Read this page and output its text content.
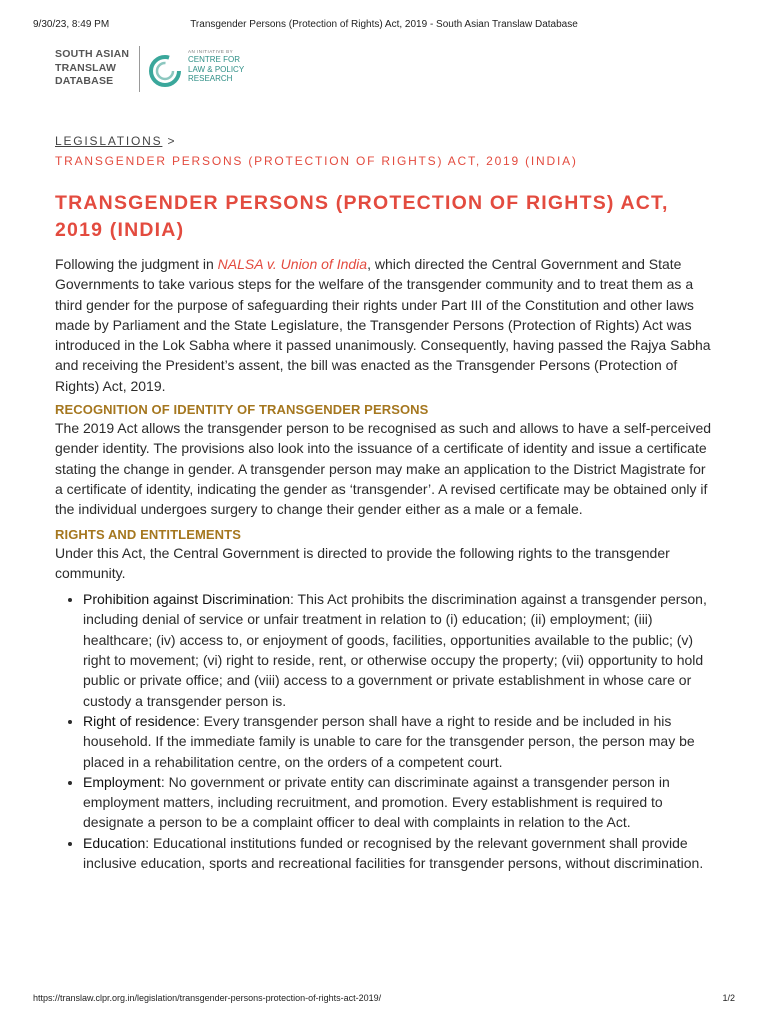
9/30/23, 8:49 PM	Transgender Persons (Protection of Rights) Act, 2019 - South Asian Translaw Database
SOUTH ASIAN
TRANSLAW
DATABASE
AN INITIATIVE BY
CENTRE FOR
LAW & POLICY
RESEARCH
LEGISLATIONS >
TRANSGENDER PERSONS (PROTECTION OF RIGHTS) ACT, 2019 (INDIA)
TRANSGENDER PERSONS (PROTECTION OF RIGHTS) ACT, 2019 (INDIA)

Following the judgment in NALSA v. Union of India, which directed the Central Government and State Governments to take various steps for the welfare of the transgender community and to treat them as a third gender for the purpose of safeguarding their rights under Part III of the Constitution and other laws made by Parliament and the State Legislature, the Transgender Persons (Protection of Rights) Act was introduced in the Lok Sabha where it passed unanimously. Consequently, having passed the Rajya Sabha and receiving the President’s assent, the bill was enacted as the Transgender Persons (Protection of Rights) Act, 2019.

RECOGNITION OF IDENTITY OF TRANSGENDER PERSONS

The 2019 Act allows the transgender person to be recognised as such and allows to have a self-perceived gender identity. The provisions also look into the issuance of a certificate of identity and issue a certificate stating the change in gender. A transgender person may make an application to the District Magistrate for a certificate of identity, indicating the gender as ‘transgender’. A revised certificate may be obtained only if the individual undergoes surgery to change their gender either as a male or a female.

RIGHTS AND ENTITLEMENTS

Under this Act, the Central Government is directed to provide the following rights to the transgender community.

• Prohibition against Discrimination: This Act prohibits the discrimination against a transgender person, including denial of service or unfair treatment in relation to (i) education; (ii) employment; (iii) healthcare; (iv) access to, or enjoyment of goods, facilities, opportunities available to the public; (v) right to movement; (vi) right to reside, rent, or otherwise occupy the property; (vii) opportunity to hold public or private office; and (viii) access to a government or private establishment in whose care or custody a transgender person is.
• Right of residence: Every transgender person shall have a right to reside and be included in his household. If the immediate family is unable to care for the transgender person, the person may be placed in a rehabilitation centre, on the orders of a competent court.
• Employment: No government or private entity can discriminate against a transgender person in employment matters, including recruitment, and promotion. Every establishment is required to designate a person to be a complaint officer to deal with complaints in relation to the Act.
• Education: Educational institutions funded or recognised by the relevant government shall provide inclusive education, sports and recreational facilities for transgender persons, without discrimination.
https://translaw.clpr.org.in/legislation/transgender-persons-protection-of-rights-act-2019/	1/2
